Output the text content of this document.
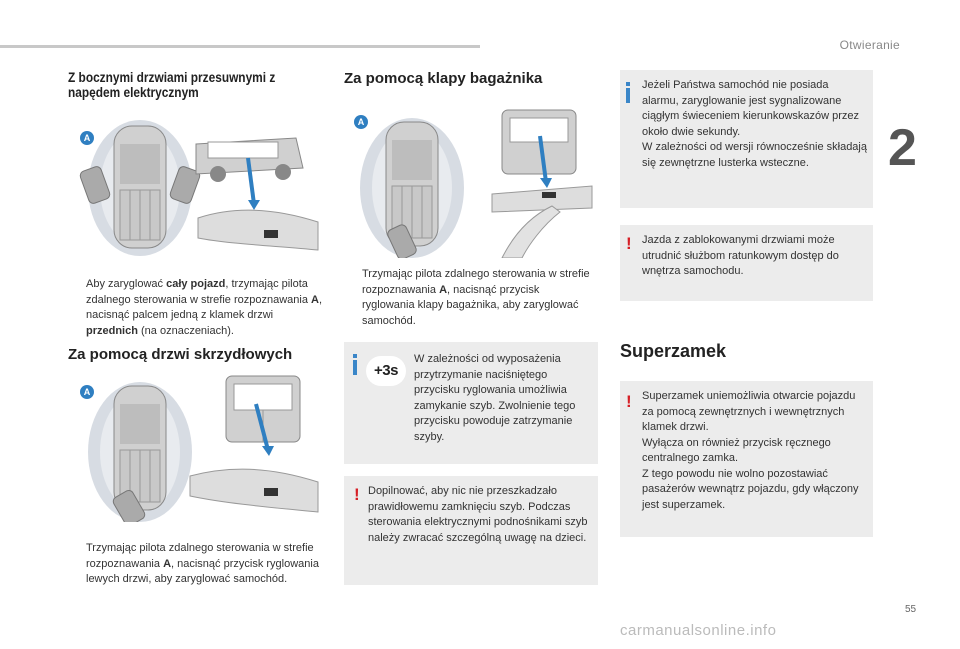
Otwieranie
2
Z bocznymi drzwiami przesuwnymi z napędem elektrycznym
A
Aby zaryglować cały pojazd, trzymając pilota zdalnego sterowania w strefie rozpoznawania A, nacisnąć palcem jedną z klamek drzwi przednich (na oznaczeniach).
Za pomocą drzwi skrzydłowych
A
Trzymając pilota zdalnego sterowania w strefie rozpoznawania A, nacisnąć przycisk ryglowania lewych drzwi, aby zaryglować samochód.
Za pomocą klapy bagażnika
A
Trzymając pilota zdalnego sterowania w strefie rozpoznawania A, nacisnąć przycisk ryglowania klapy bagażnika, aby zaryglować samochód.
+3s
W zależności od wyposażenia przytrzymanie naciśniętego przycisku ryglowania umożliwia zamykanie szyb. Zwolnienie tego przycisku powoduje zatrzymanie szyby.
! Dopilnować, aby nic nie przeszkadzało prawidłowemu zamknięciu szyb. Podczas sterowania elektrycznymi podnośnikami szyb należy zwracać szczególną uwagę na dzieci.
Jeżeli Państwa samochód nie posiada alarmu, zaryglowanie jest sygnalizowane ciągłym świeceniem kierunkowskazów przez około dwie sekundy.
W zależności od wersji równocześnie składają się zewnętrzne lusterka wsteczne.
! Jazda z zablokowanymi drzwiami może utrudnić służbom ratunkowym dostęp do wnętrza samochodu.
Superzamek
! Superzamek uniemożliwia otwarcie pojazdu za pomocą zewnętrznych i wewnętrznych klamek drzwi.
Wyłącza on również przycisk ręcznego centralnego zamka.
Z tego powodu nie wolno pozostawiać pasażerów wewnątrz pojazdu, gdy włączony jest superzamek.
55
carmanualsonline.info
